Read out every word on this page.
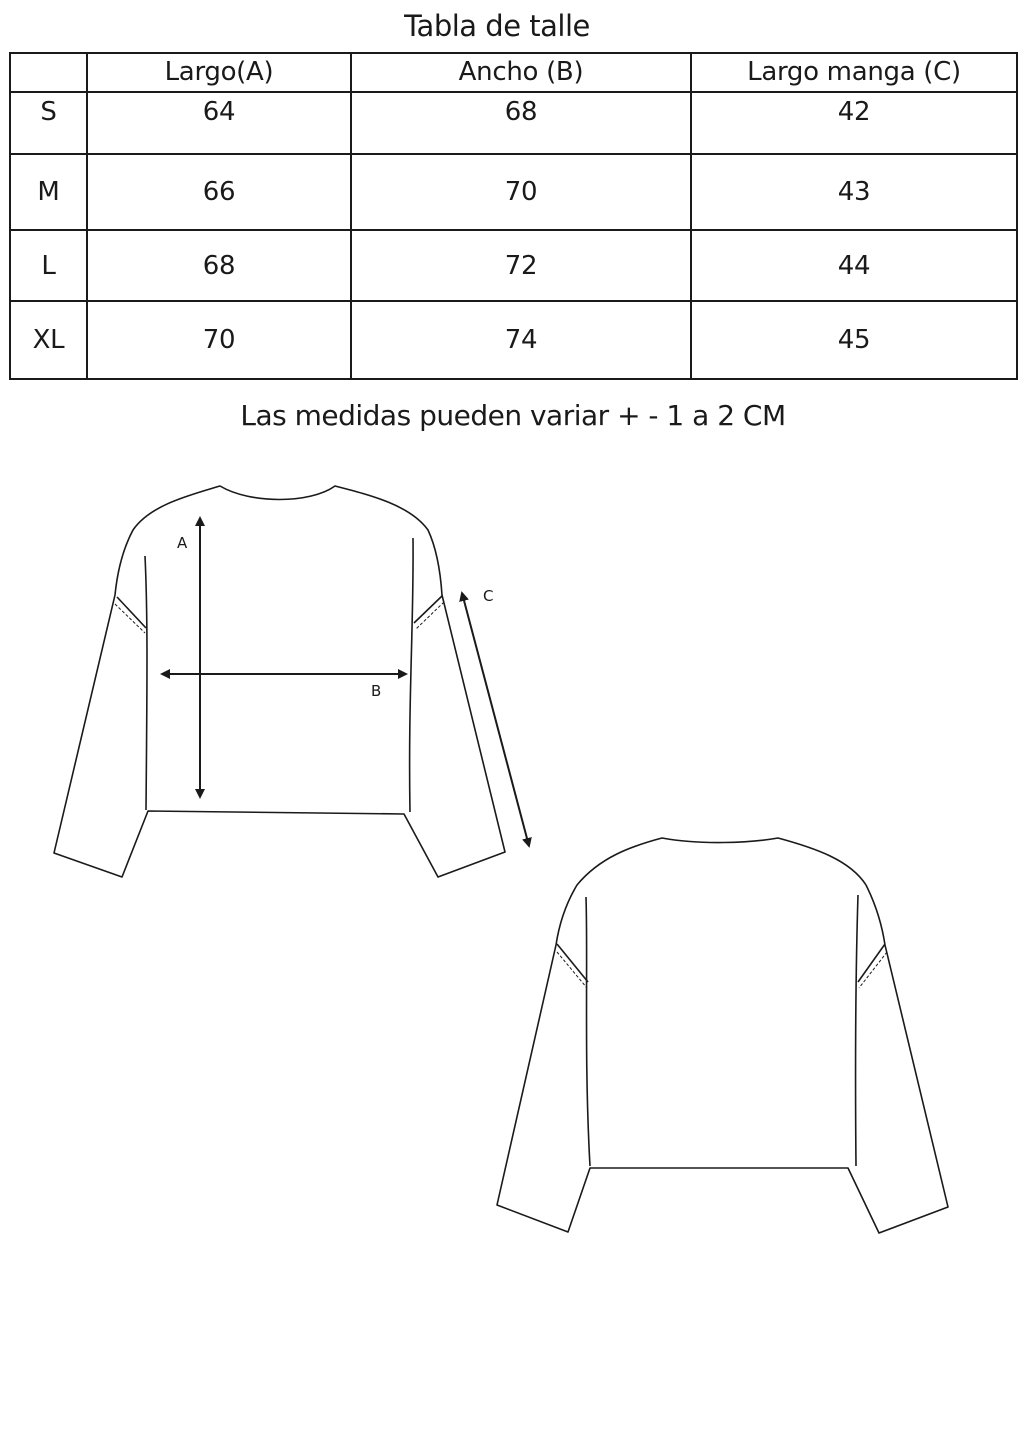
Tabla de talle
	Largo(A)	Ancho (B)	Largo manga (C)
S	64	68	42
M	66	70	43
L	68	72	44
XL	70	74	45

Las medidas pueden variar + - 1 a 2 CM

A
B
C
